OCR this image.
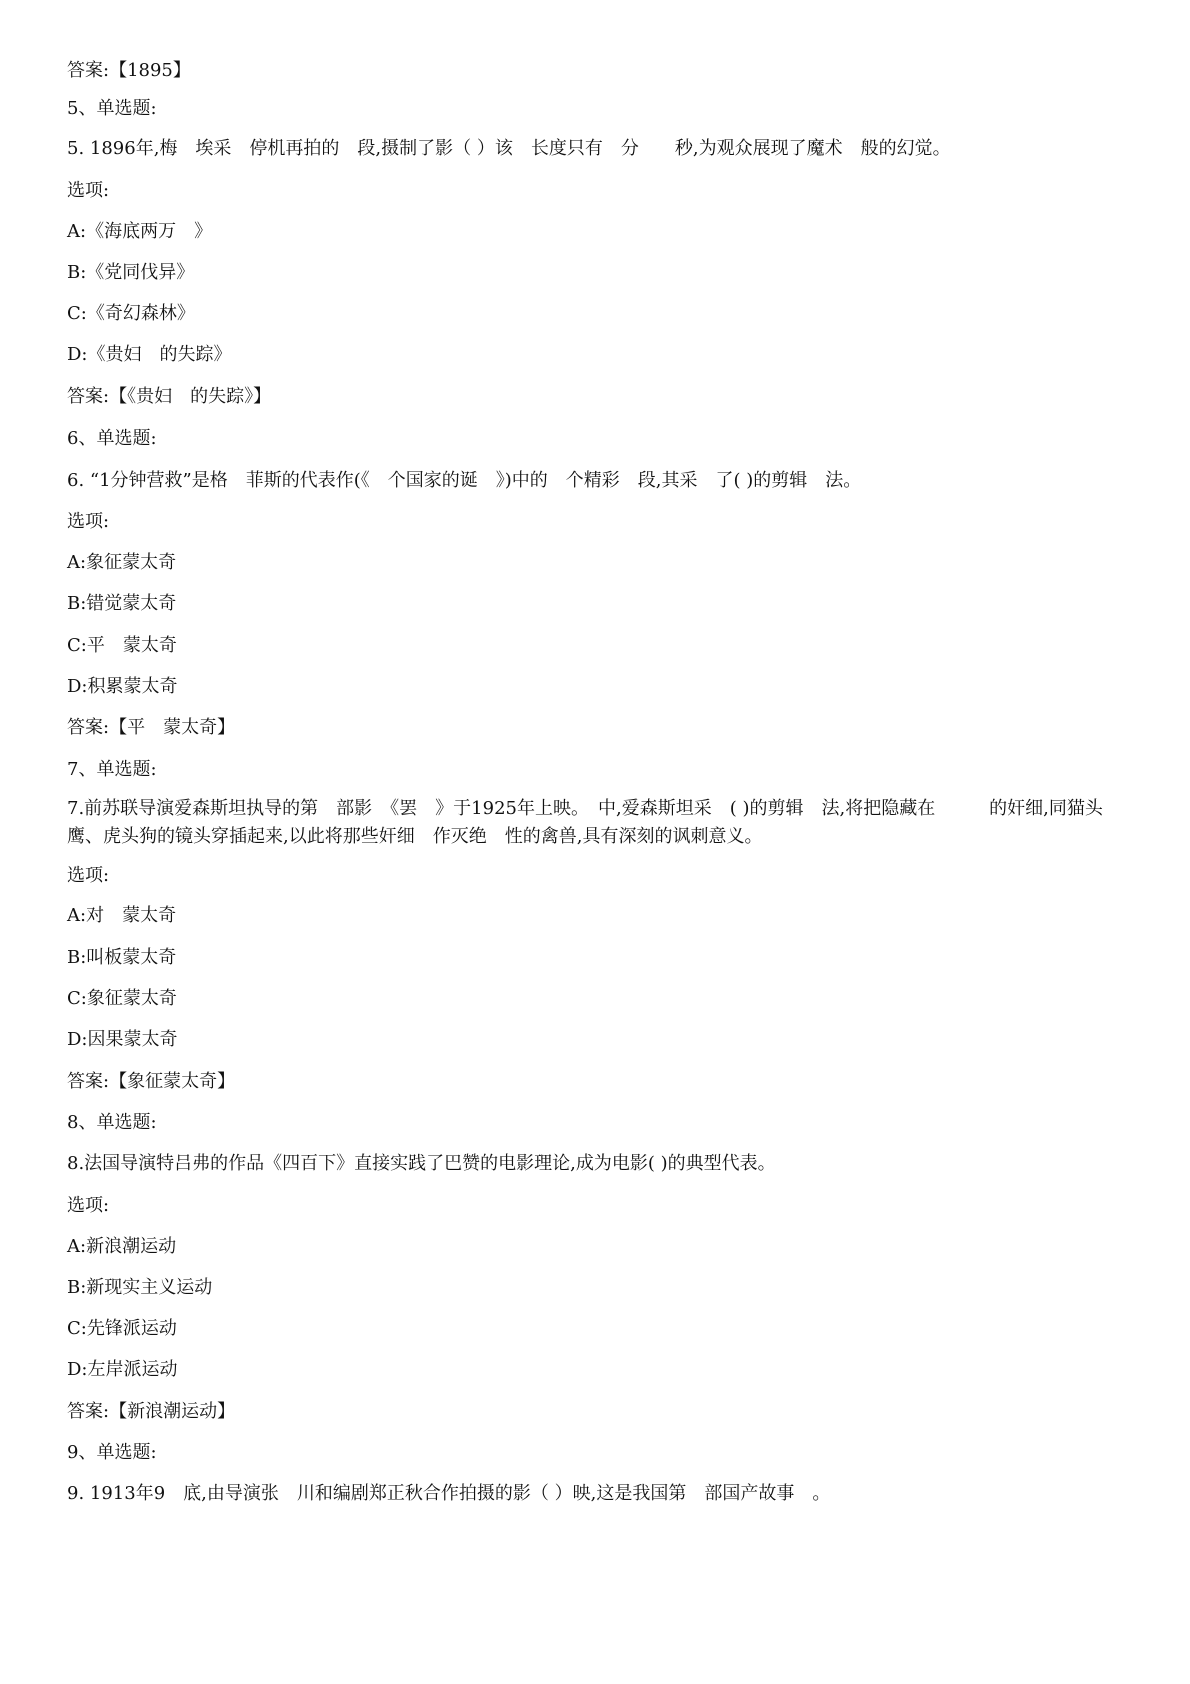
答案:【1895】
5、单选题:
5. 1896年,梅　埃采　停机再拍的　段,摄制了影（ ）该　长度只有　分　　秒,为观众展现了魔术　般的幻觉。
选项:
A:《海底两万　》
B:《党同伐异》
C:《奇幻森林》
D:《贵妇　的失踪》
答案:【《贵妇　的失踪》】
6、单选题:
6. “1分钟营救”是格　菲斯的代表作(《　个国家的诞　》)中的　个精彩　段,其采　了( )的剪辑　法。
选项:
A:象征蒙太奇
B:错觉蒙太奇
C:平　蒙太奇
D:积累蒙太奇
答案:【平　蒙太奇】
7、单选题:
7.前苏联导演爱森斯坦执导的第　部影　《罢　》于1925年上映。　中,爱森斯坦采　( )的剪辑　法,将把隐藏在　　　的奸细,同猫头鹰、虎头狗的镜头穿插起来,以此将那些奸细　作灭绝　性的禽兽,具有深刻的讽刺意义。
选项:
A:对　蒙太奇
B:叫板蒙太奇
C:象征蒙太奇
D:因果蒙太奇
答案:【象征蒙太奇】
8、单选题:
8.法国导演特吕弗的作品《四百下》直接实践了巴赞的电影理论,成为电影( )的典型代表。
选项:
A:新浪潮运动
B:新现实主义运动
C:先锋派运动
D:左岸派运动
答案:【新浪潮运动】
9、单选题:
9. 1913年9　底,由导演张　川和编剧郑正秋合作拍摄的影（ ）映,这是我国第　部国产故事　。
